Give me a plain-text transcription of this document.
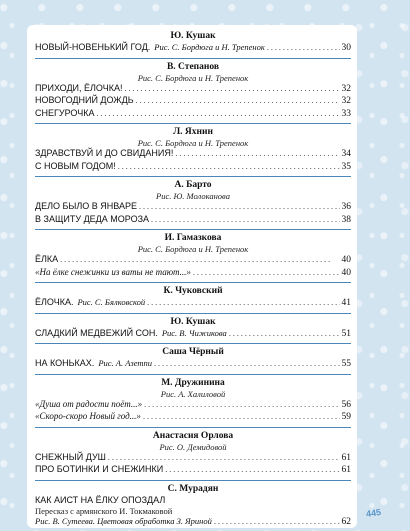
Ю. Кушак
НОВЫЙ-НОВЕНЬКИЙ ГОД. Рис. С. Бордюга и Н. Трепенок . . .	30
В. Степанов
Рис. С. Бордюга и Н. Трепенок
ПРИХОДИ, ЁЛОЧКА! . . .	32
НОВОГОДНИЙ ДОЖДЬ . . .	32
СНЕГУРОЧКА . . .	33
Л. Яхнин
Рис. С. Бордюга и Н. Трепенок
ЗДРАВСТВУЙ И ДО СВИДАНИЯ! . . .	34
С НОВЫМ ГОДОМ! . . .	35
А. Барто
Рис. Ю. Молоканова
ДЕЛО БЫЛО В ЯНВАРЕ . . .	36
В ЗАЩИТУ ДЕДА МОРОЗА . . .	38
И. Гамазкова
Рис. С. Бордюга и Н. Трепенок
ЁЛКА . . .	40
«На ёлке снежинки из ваты не тают...» . . .	40
К. Чуковский
ЁЛОЧКА. Рис. С. Бялковской . . .	41
Ю. Кушак
СЛАДКИЙ МЕДВЕЖИЙ СОН. Рис. В. Чижикова . . .	51
Саша Чёрный
НА КОНЬКАХ. Рис. А. Азетпи . . .	55
М. Дружинина
Рис. А. Халиловой
«Душа от радости поёт...» . . .	56
«Скоро-скоро Новый год...» . . .	59
Анастасия Орлова
Рис. О. Демидовой
СНЕЖНЫЙ ДУШ . . .	61
ПРО БОТИНКИ И СНЕЖИНКИ . . .	61
С. Мурадян
КАК АИСТ НА ЁЛКУ ОПОЗДАЛ
Пересказ с армянского И. Токмаковой
Рис. В. Сутеева. Цветовая обработка З. Яриной . . .	62
445
